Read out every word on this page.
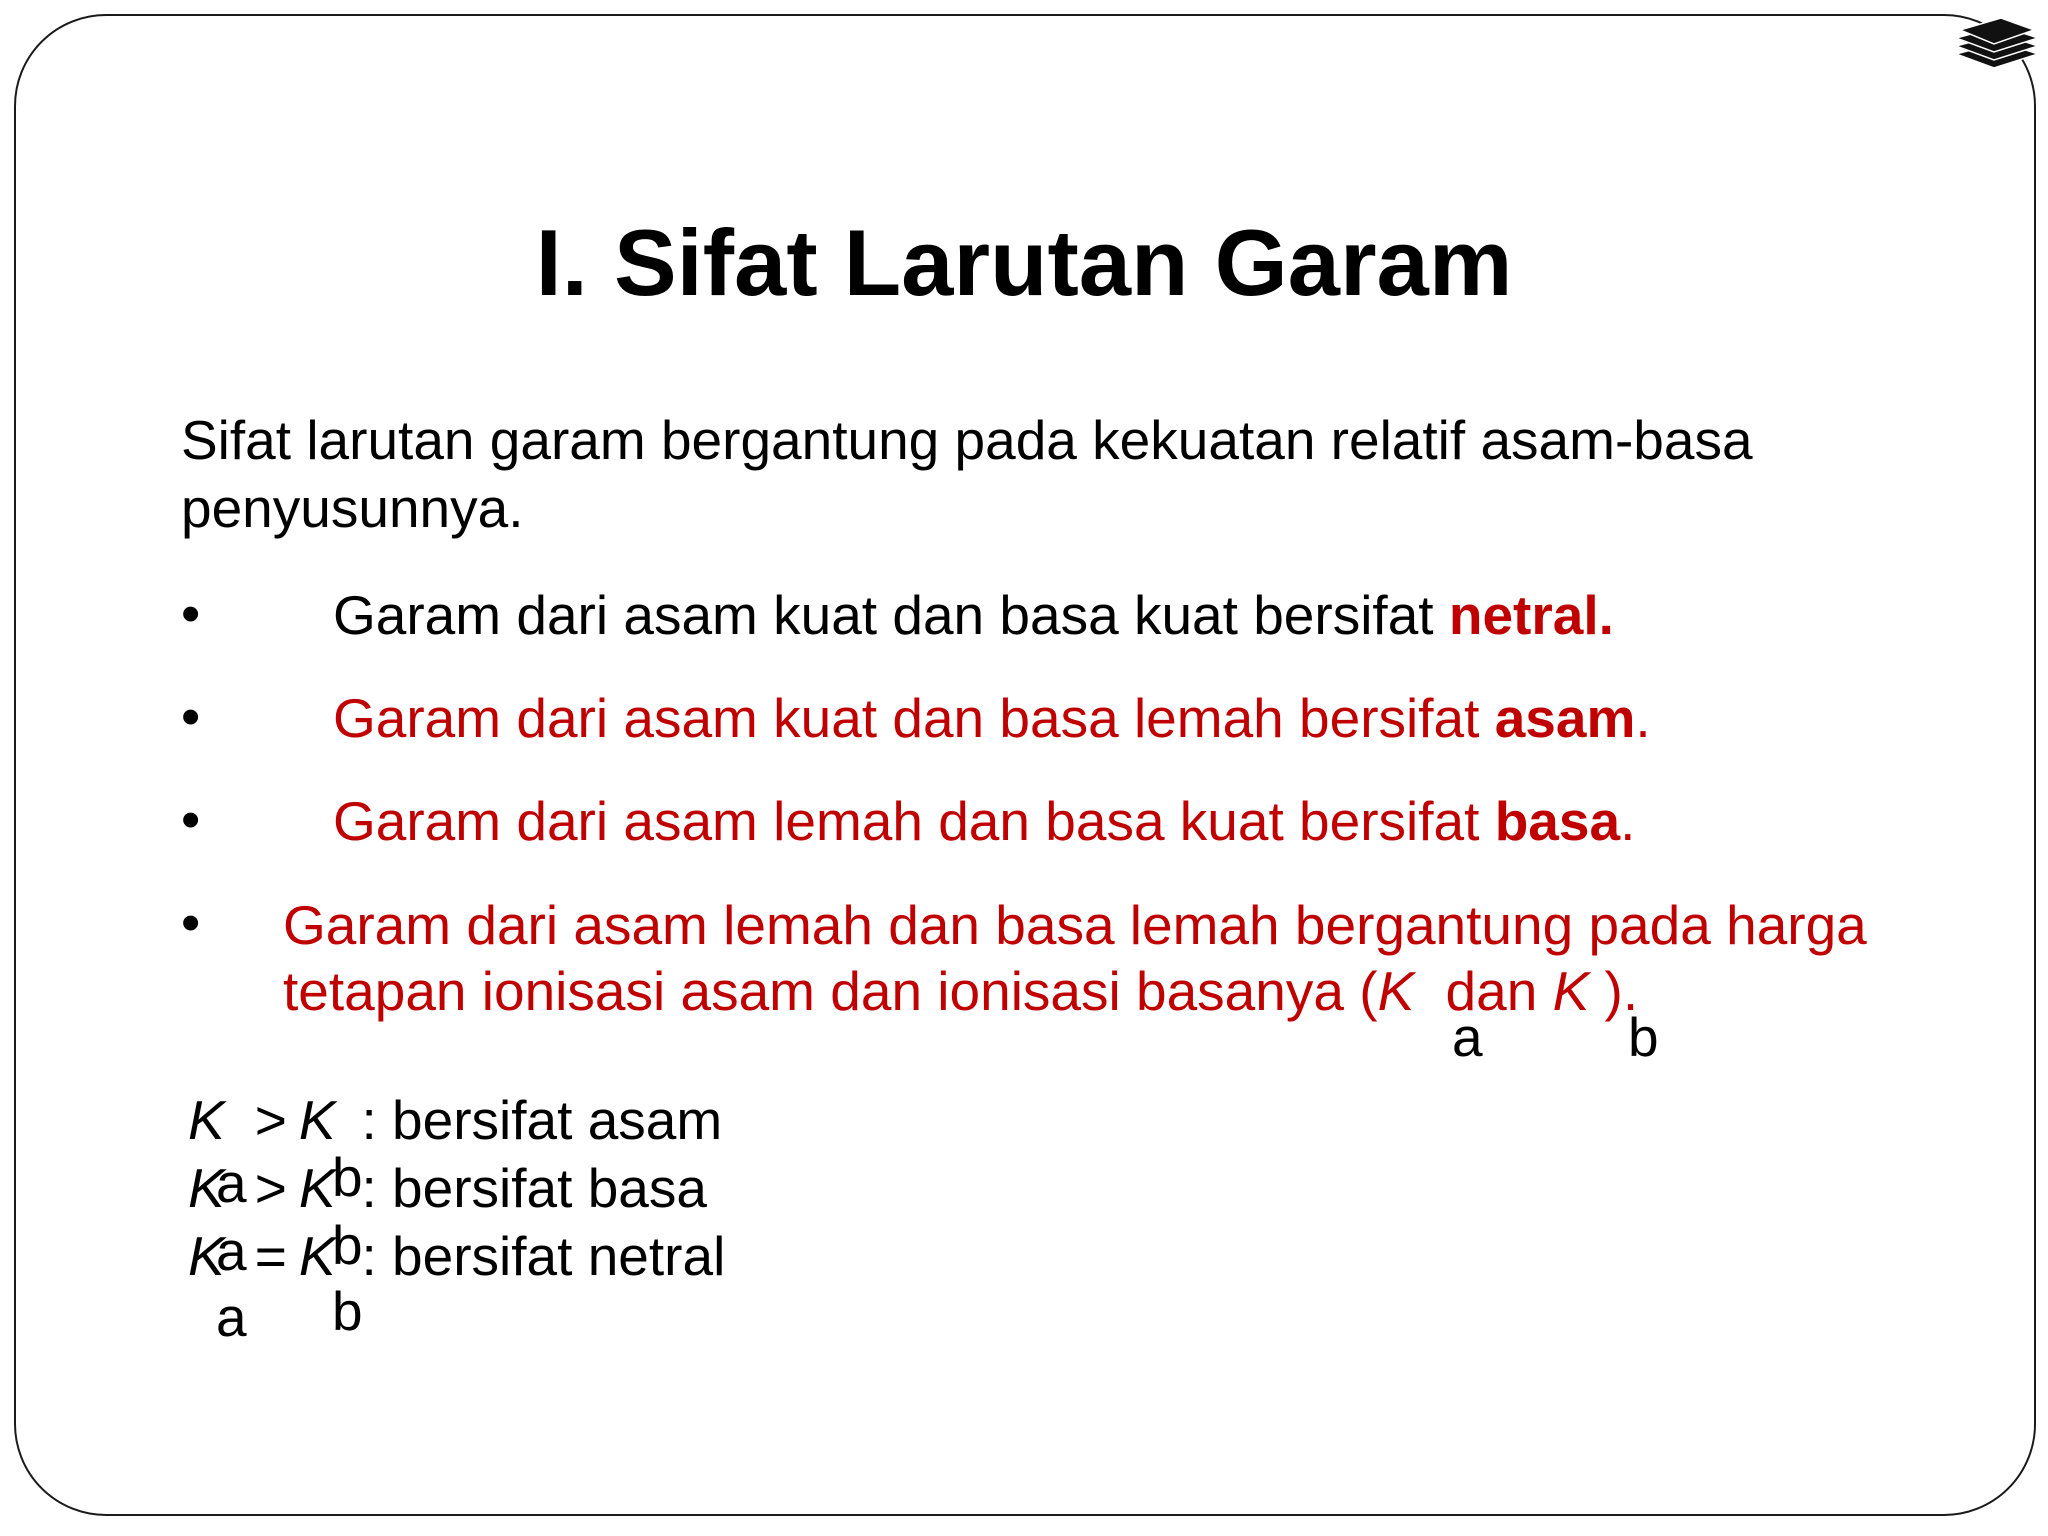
I. Sifat Larutan Garam
Sifat larutan garam bergantung pada kekuatan relatif asam-basa
penyusunnya.
• Garam dari asam kuat dan basa kuat bersifat netral.
• Garam dari asam kuat dan basa lemah bersifat asam.
• Garam dari asam lemah dan basa kuat bersifat basa.
• Garam dari asam lemah dan basa lemah bergantung pada harga
tetapan ionisasi asam dan ionisasi basanya (K dan K ).
a	b
K > K : bersifat asam
K > K : bersifat basa
K = K : bersifat netral
a b
a b
a b
